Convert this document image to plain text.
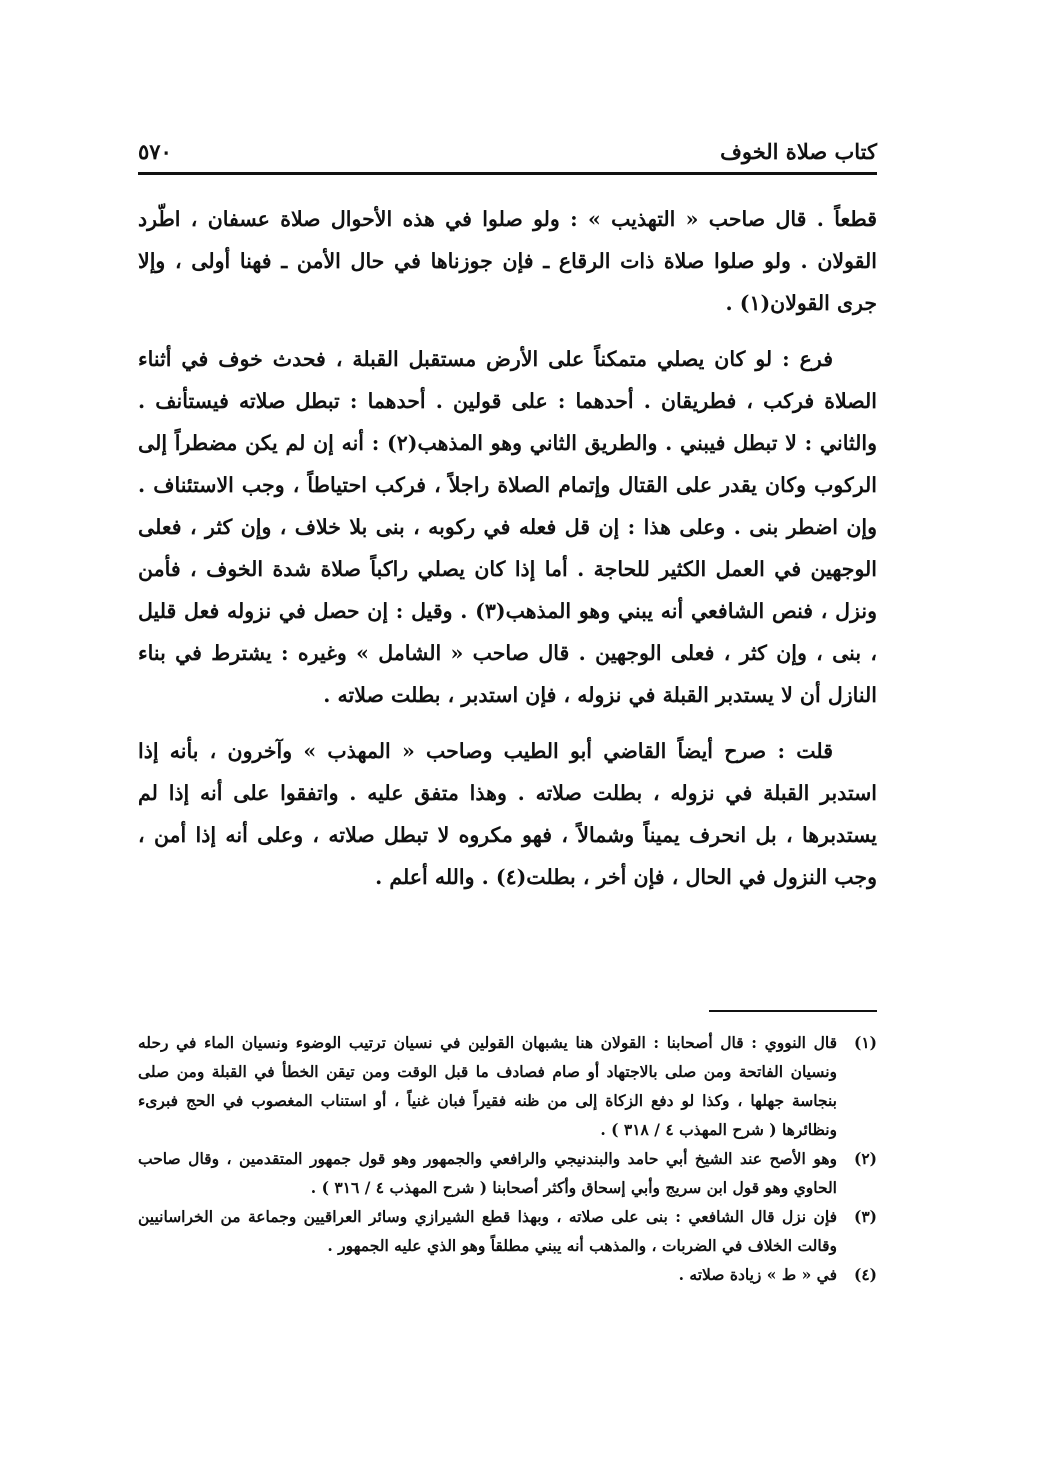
كتاب صلاة الخوف
٥٧٠

قطعاً . قال صاحب « التهذيب » : ولو صلوا في هذه الأحوال صلاة عسفان ، اطّرد القولان . ولو صلوا صلاة ذات الرقاع ـ فإن جوزناها في حال الأمن ـ فهنا أولى ، وإلا جرى القولان(١) .

فرع : لو كان يصلي متمكناً على الأرض مستقبل القبلة ، فحدث خوف في أثناء الصلاة فركب ، فطريقان . أحدهما : على قولين . أحدهما : تبطل صلاته فيستأنف . والثاني : لا تبطل فيبني . والطريق الثاني وهو المذهب(٢) : أنه إن لم يكن مضطراً إلى الركوب وكان يقدر على القتال وإتمام الصلاة راجلاً ، فركب احتياطاً ، وجب الاستئناف . وإن اضطر بنى . وعلى هذا : إن قل فعله في ركوبه ، بنى بلا خلاف ، وإن كثر ، فعلى الوجهين في العمل الكثير للحاجة . أما إذا كان يصلي راكباً صلاة شدة الخوف ، فأمن ونزل ، فنص الشافعي أنه يبني وهو المذهب(٣) . وقيل : إن حصل في نزوله فعل قليل ، بنى ، وإن كثر ، فعلى الوجهين . قال صاحب « الشامل » وغيره : يشترط في بناء النازل أن لا يستدبر القبلة في نزوله ، فإن استدبر ، بطلت صلاته .

قلت : صرح أيضاً القاضي أبو الطيب وصاحب « المهذب » وآخرون ، بأنه إذا استدبر القبلة في نزوله ، بطلت صلاته . وهذا متفق عليه . واتفقوا على أنه إذا لم يستدبرها ، بل انحرف يميناً وشمالاً ، فهو مكروه لا تبطل صلاته ، وعلى أنه إذا أمن ، وجب النزول في الحال ، فإن أخر ، بطلت(٤) . والله أعلم .

(١)
قال النووي : قال أصحابنا : القولان هنا يشبهان القولين في نسيان ترتيب الوضوء ونسيان الماء في رحله ونسيان الفاتحة ومن صلى بالاجتهاد أو صام فصادف ما قبل الوقت ومن تيقن الخطأ في القبلة ومن صلى بنجاسة جهلها ، وكذا لو دفع الزكاة إلى من ظنه فقيراً فبان غنياً ، أو استناب المغصوب في الحج فبرىء ونظائرها ( شرح المهذب ٤ / ٣١٨ ) .

(٢)
وهو الأصح عند الشيخ أبي حامد والبندنيجي والرافعي والجمهور وهو قول جمهور المتقدمين ، وقال صاحب الحاوي وهو قول ابن سريج وأبي إسحاق وأكثر أصحابنا ( شرح المهذب ٤ / ٣١٦ ) .

(٣)
فإن نزل قال الشافعي : بنى على صلاته ، وبهذا قطع الشيرازي وسائر العراقيين وجماعة من الخراسانيين وقالت الخلاف في الضربات ، والمذهب أنه يبني مطلقاً وهو الذي عليه الجمهور .

(٤)
في « ط » زيادة صلاته .
